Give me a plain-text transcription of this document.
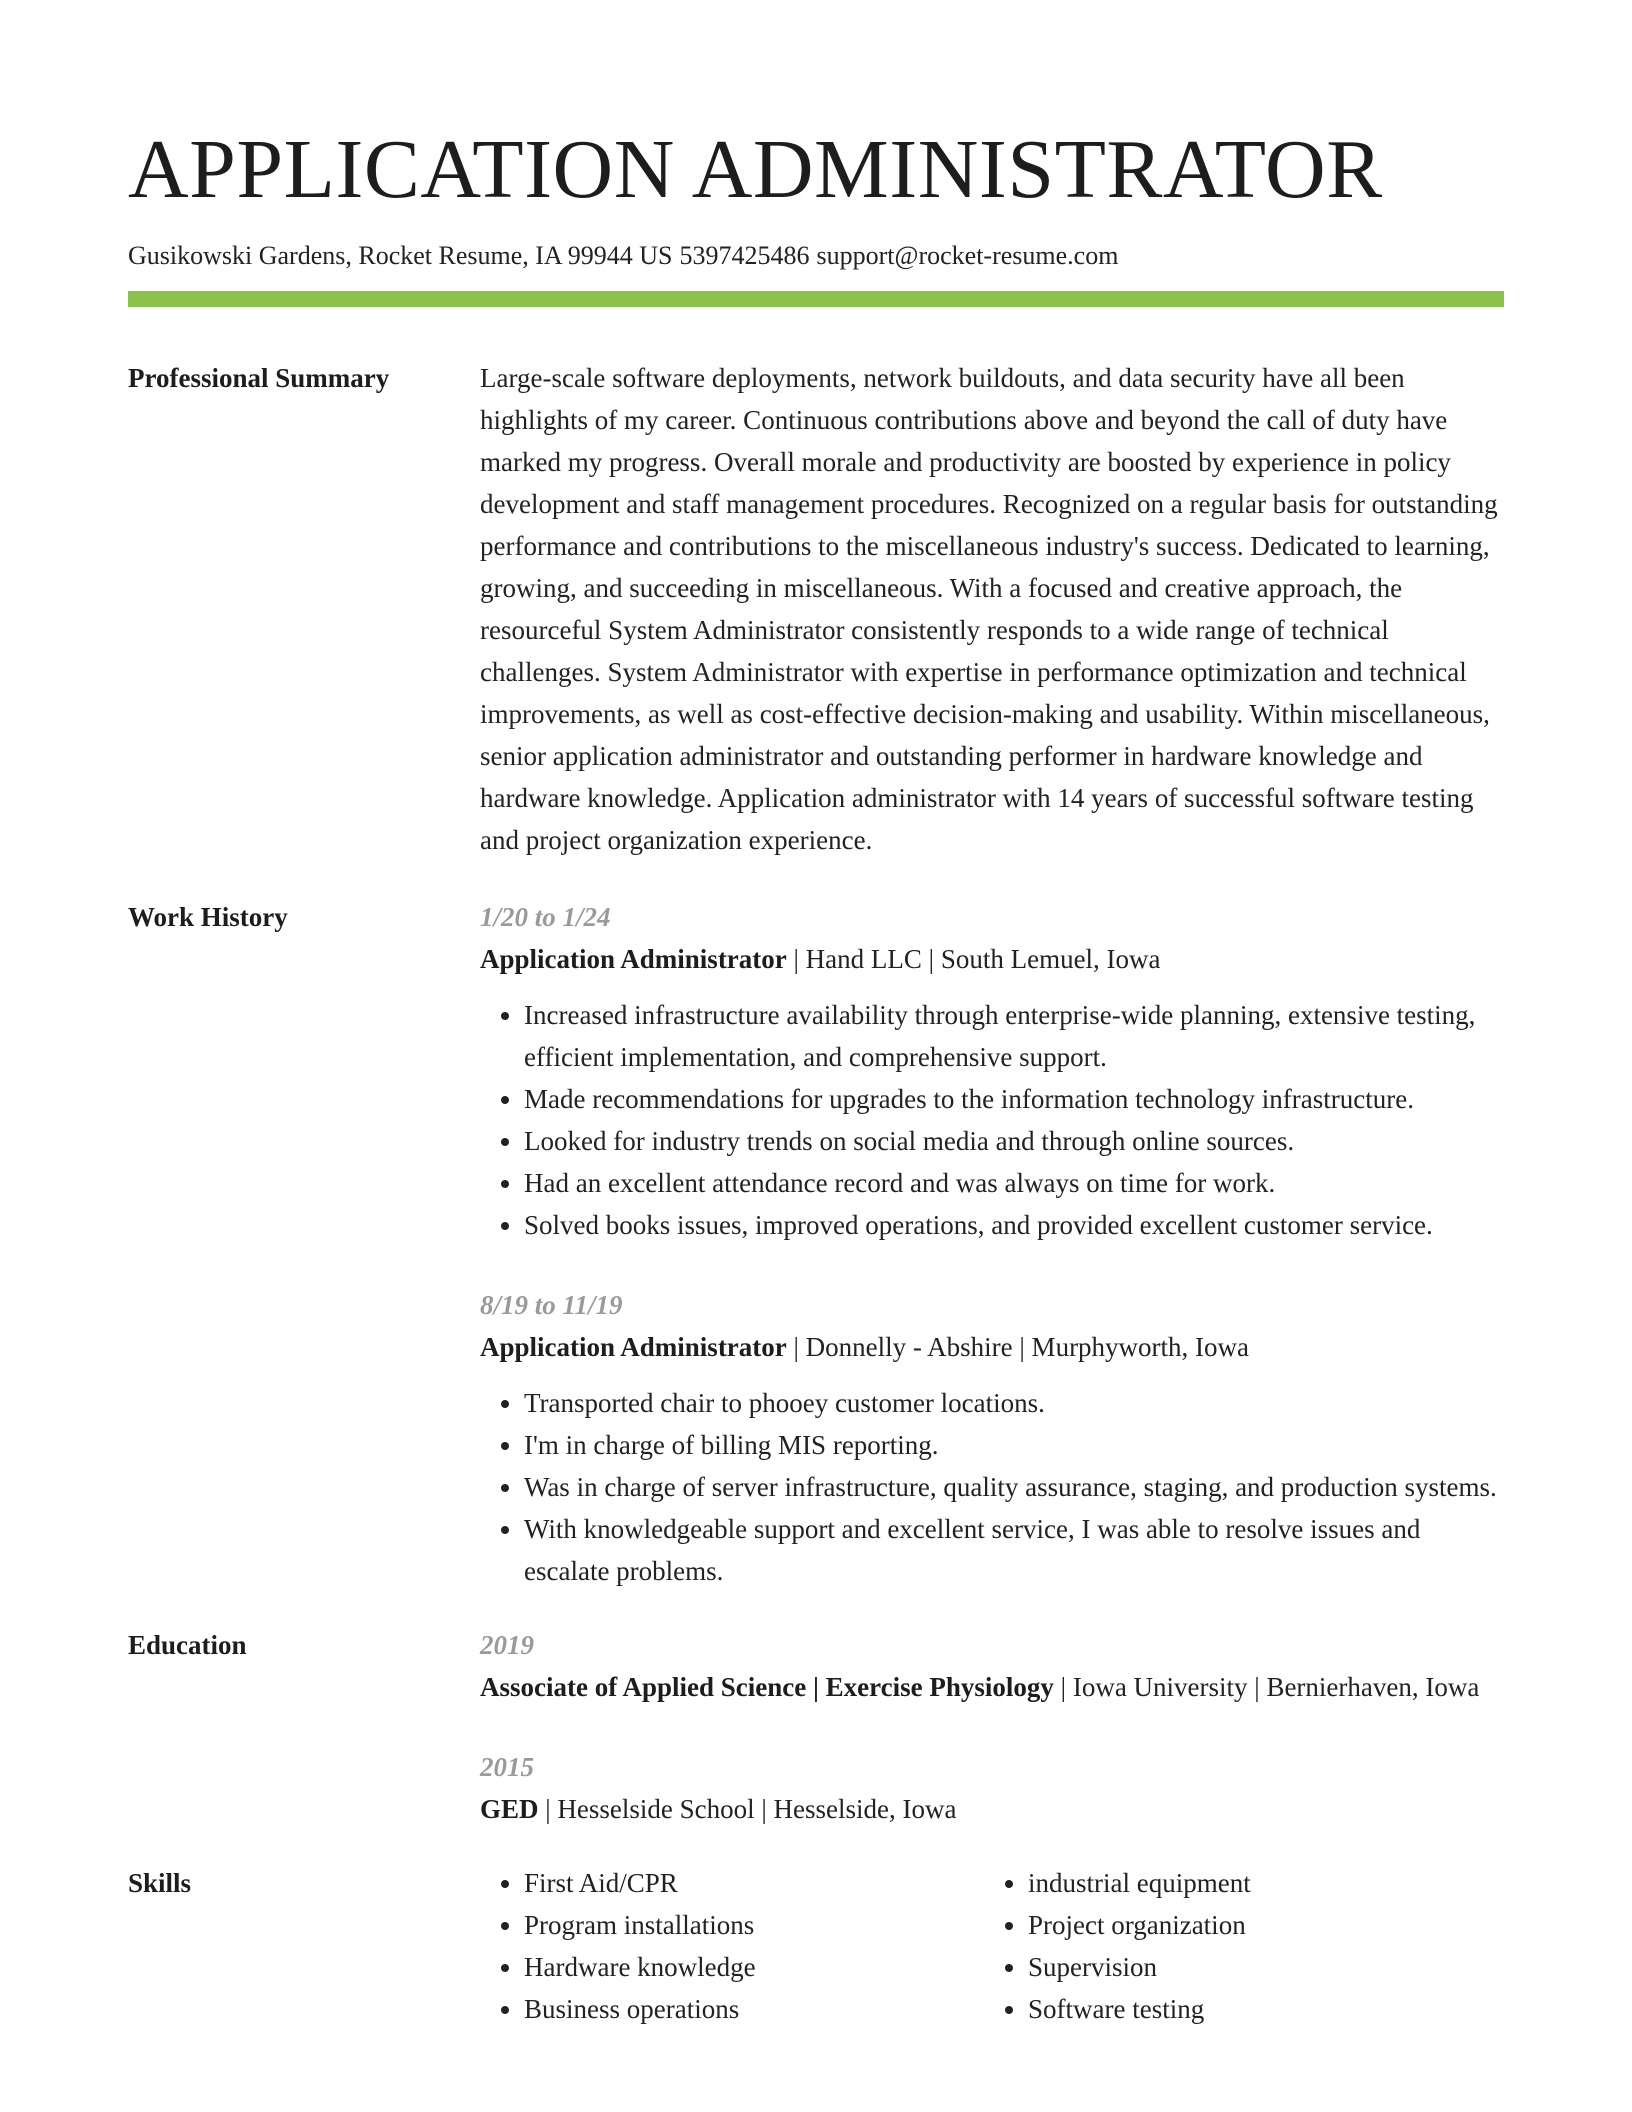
APPLICATION ADMINISTRATOR
Gusikowski Gardens, Rocket Resume, IA 99944 US 5397425486 support@rocket-resume.com
Professional Summary	Large-scale software deployments, network buildouts, and data security have all been highlights of my career. Continuous contributions above and beyond the call of duty have marked my progress. Overall morale and productivity are boosted by experience in policy development and staff management procedures. Recognized on a regular basis for outstanding performance and contributions to the miscellaneous industry's success. Dedicated to learning, growing, and succeeding in miscellaneous. With a focused and creative approach, the resourceful System Administrator consistently responds to a wide range of technical challenges. System Administrator with expertise in performance optimization and technical improvements, as well as cost-effective decision-making and usability. Within miscellaneous, senior application administrator and outstanding performer in hardware knowledge and hardware knowledge. Application administrator with 14 years of successful software testing and project organization experience.
Work History	1/20 to 1/24
Application Administrator | Hand LLC | South Lemuel, Iowa
• Increased infrastructure availability through enterprise-wide planning, extensive testing, efficient implementation, and comprehensive support.
• Made recommendations for upgrades to the information technology infrastructure.
• Looked for industry trends on social media and through online sources.
• Had an excellent attendance record and was always on time for work.
• Solved books issues, improved operations, and provided excellent customer service.
8/19 to 11/19
Application Administrator | Donnelly - Abshire | Murphyworth, Iowa
• Transported chair to phooey customer locations.
• I'm in charge of billing MIS reporting.
• Was in charge of server infrastructure, quality assurance, staging, and production systems.
• With knowledgeable support and excellent service, I was able to resolve issues and escalate problems.
Education	2019
Associate of Applied Science | Exercise Physiology | Iowa University | Bernierhaven, Iowa
2015
GED | Hesselside School | Hesselside, Iowa
Skills
•	First Aid/CPR
• Program installations
• Hardware knowledge
• Business operations
• industrial equipment
• Project organization
• Supervision
• Software testing
